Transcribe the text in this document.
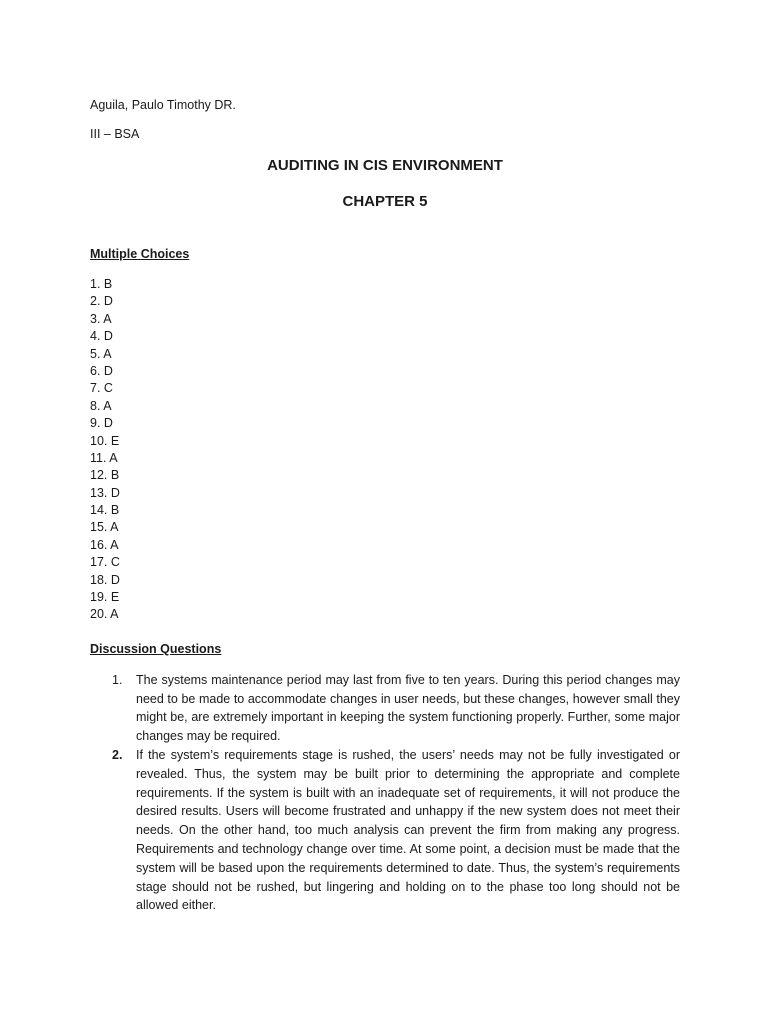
Aguila, Paulo Timothy DR.

III – BSA

AUDITING IN CIS ENVIRONMENT

CHAPTER 5

Multiple Choices

1. B
2. D
3. A
4. D
5. A
6. D
7. C
8. A
9. D
10. E
11. A
12. B
13. D
14. B
15. A
16. A
17. C
18. D
19. E
20. A

Discussion Questions

1. The systems maintenance period may last from five to ten years. During this period changes may need to be made to accommodate changes in user needs, but these changes, however small they might be, are extremely important in keeping the system functioning properly. Further, some major changes may be required.
2. If the system’s requirements stage is rushed, the users’ needs may not be fully investigated or revealed. Thus, the system may be built prior to determining the appropriate and complete requirements. If the system is built with an inadequate set of requirements, it will not produce the desired results. Users will become frustrated and unhappy if the new system does not meet their needs. On the other hand, too much analysis can prevent the firm from making any progress. Requirements and technology change over time. At some point, a decision must be made that the system will be based upon the requirements determined to date. Thus, the system’s requirements stage should not be rushed, but lingering and holding on to the phase too long should not be allowed either.
